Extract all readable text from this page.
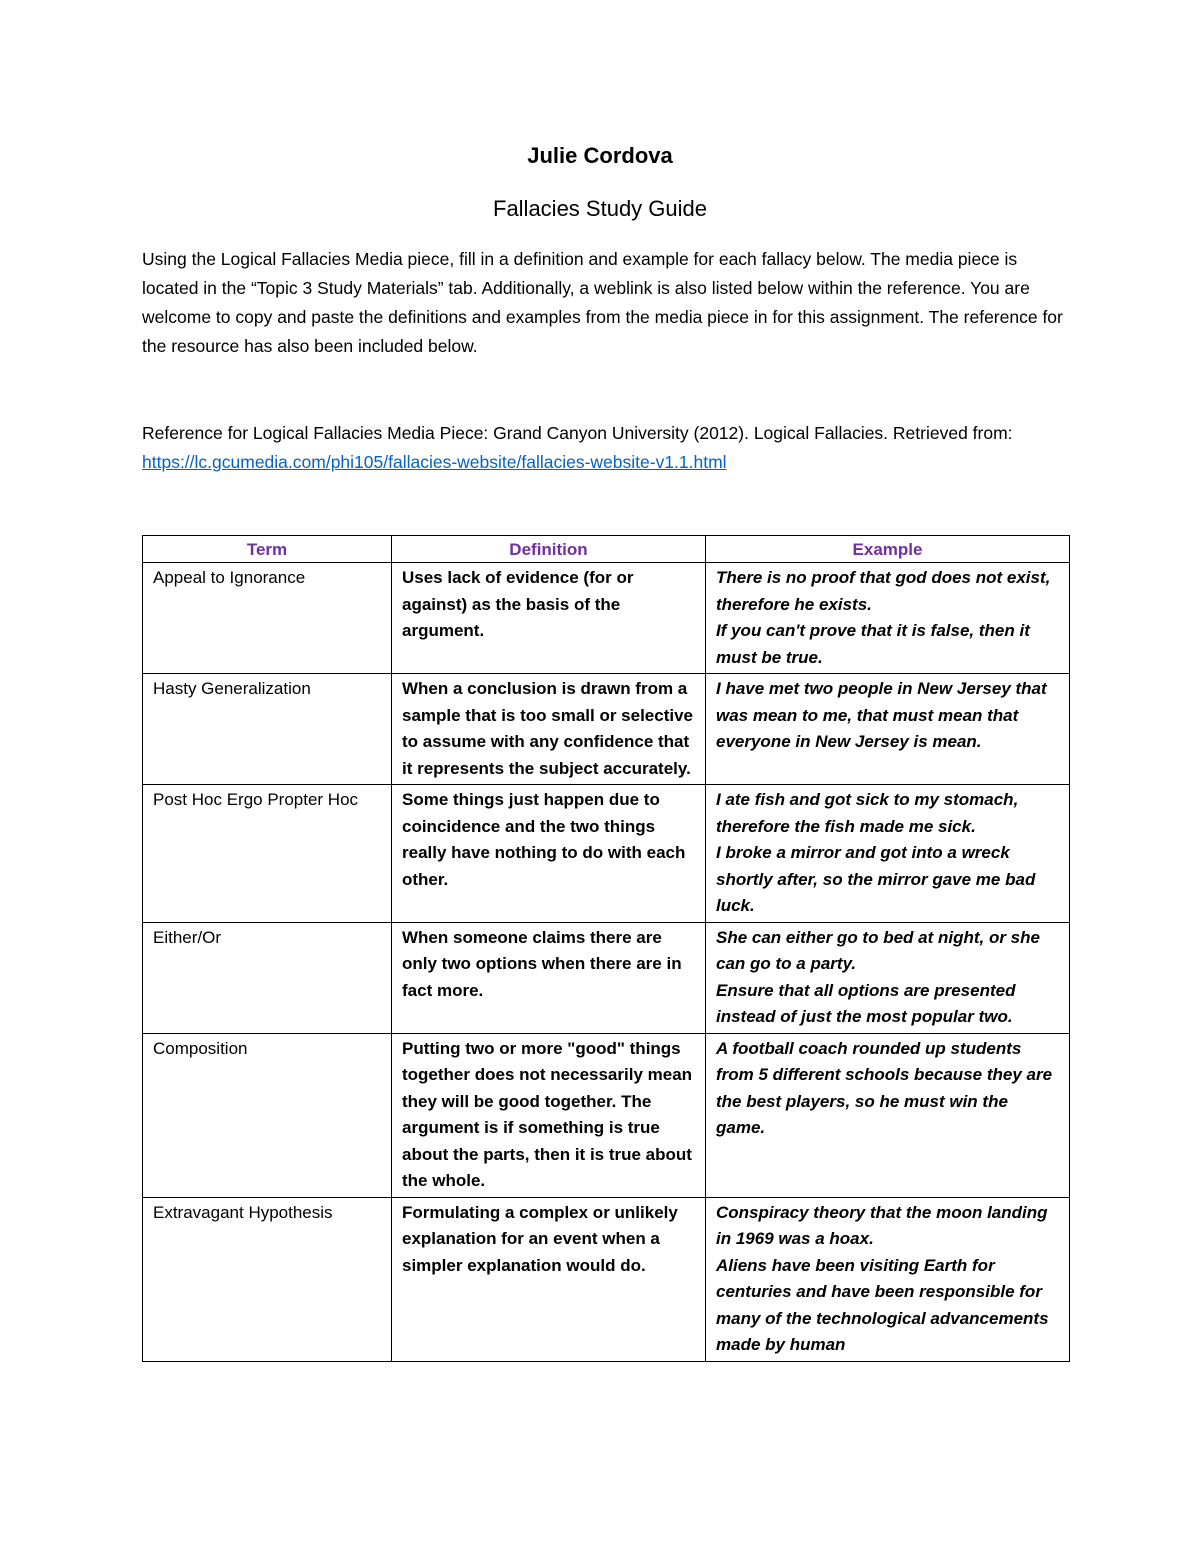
Julie Cordova
Fallacies Study Guide
Using the Logical Fallacies Media piece, fill in a definition and example for each fallacy below. The media piece is located in the “Topic 3 Study Materials” tab. Additionally, a weblink is also listed below within the reference. You are welcome to copy and paste the definitions and examples from the media piece in for this assignment. The reference for the resource has also been included below.
Reference for Logical Fallacies Media Piece: Grand Canyon University (2012). Logical Fallacies. Retrieved from: https://lc.gcumedia.com/phi105/fallacies-website/fallacies-website-v1.1.html
Term	Definition	Example
Appeal to Ignorance	Uses lack of evidence (for or against) as the basis of the argument.	There is no proof that god does not exist, therefore he exists.
If you can't prove that it is false, then it must be true.

Hasty Generalization	When a conclusion is drawn from a sample that is too small or selective to assume with any confidence that it represents the subject accurately.	I have met two people in New Jersey that was mean to me, that must mean that everyone in New Jersey is mean.

Post Hoc Ergo Propter Hoc	Some things just happen due to coincidence and the two things really have nothing to do with each other.	I ate fish and got sick to my stomach, therefore the fish made me sick.
I broke a mirror and got into a wreck shortly after, so the mirror gave me bad luck.

Either/Or	When someone claims there are only two options when there are in fact more.	She can either go to bed at night, or she can go to a party.
Ensure that all options are presented instead of just the most popular two.

Composition	Putting two or more "good" things together does not necessarily mean they will be good together. The argument is if something is true about the parts, then it is true about the whole.	A football coach rounded up students from 5 different schools because they are the best players, so he must win the game.

Extravagant Hypothesis	Formulating a complex or unlikely explanation for an event when a simpler explanation would do.	Conspiracy theory that the moon landing in 1969 was a hoax.
Aliens have been visiting Earth for centuries and have been responsible for many of the technological advancements made by human
